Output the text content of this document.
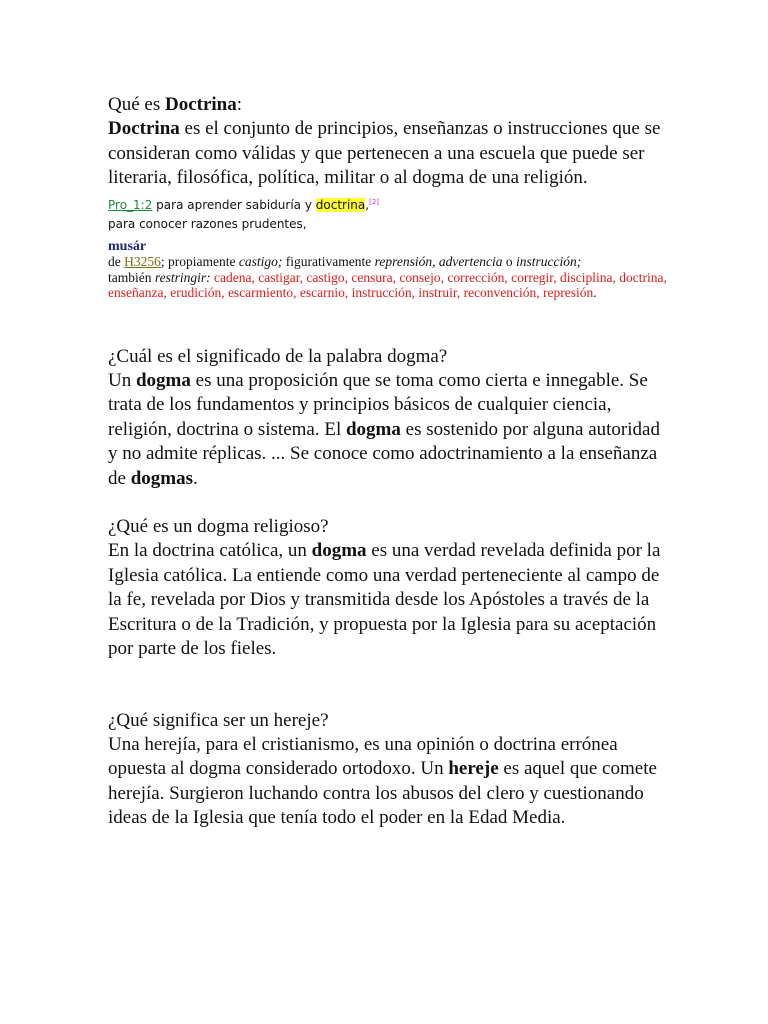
Qué es Doctrina:

Doctrina es el conjunto de principios, enseñanzas o instrucciones que se consideran como válidas y que pertenecen a una escuela que puede ser literaria, filosófica, política, militar o al dogma de una religión.

Pro_1:2 para aprender sabiduría y doctrina,[2]

para conocer razones prudentes,

musár
de H3256; propiamente castigo; figurativamente reprensión, advertencia o instrucción;
también restringir: cadena, castigar, castigo, censura, consejo, corrección, corregir, disciplina, doctrina, enseñanza, erudición, escarmiento, escarnio, instrucción, instruir, reconvención, represión.

¿Cuál es el significado de la palabra dogma?

Un dogma es una proposición que se toma como cierta e innegable. Se trata de los fundamentos y principios básicos de cualquier ciencia, religión, doctrina o sistema. El dogma es sostenido por alguna autoridad y no admite réplicas. ... Se conoce como adoctrinamiento a la enseñanza de dogmas.

¿Qué es un dogma religioso?

En la doctrina católica, un dogma es una verdad revelada definida por la Iglesia católica. La entiende como una verdad perteneciente al campo de la fe, revelada por Dios y transmitida desde los Apóstoles a través de la Escritura o de la Tradición, y propuesta por la Iglesia para su aceptación por parte de los fieles.

¿Qué significa ser un hereje?

Una herejía, para el cristianismo, es una opinión o doctrina errónea opuesta al dogma considerado ortodoxo. Un hereje es aquel que comete herejía. Surgieron luchando contra los abusos del clero y cuestionando ideas de la Iglesia que tenía todo el poder en la Edad Media.
